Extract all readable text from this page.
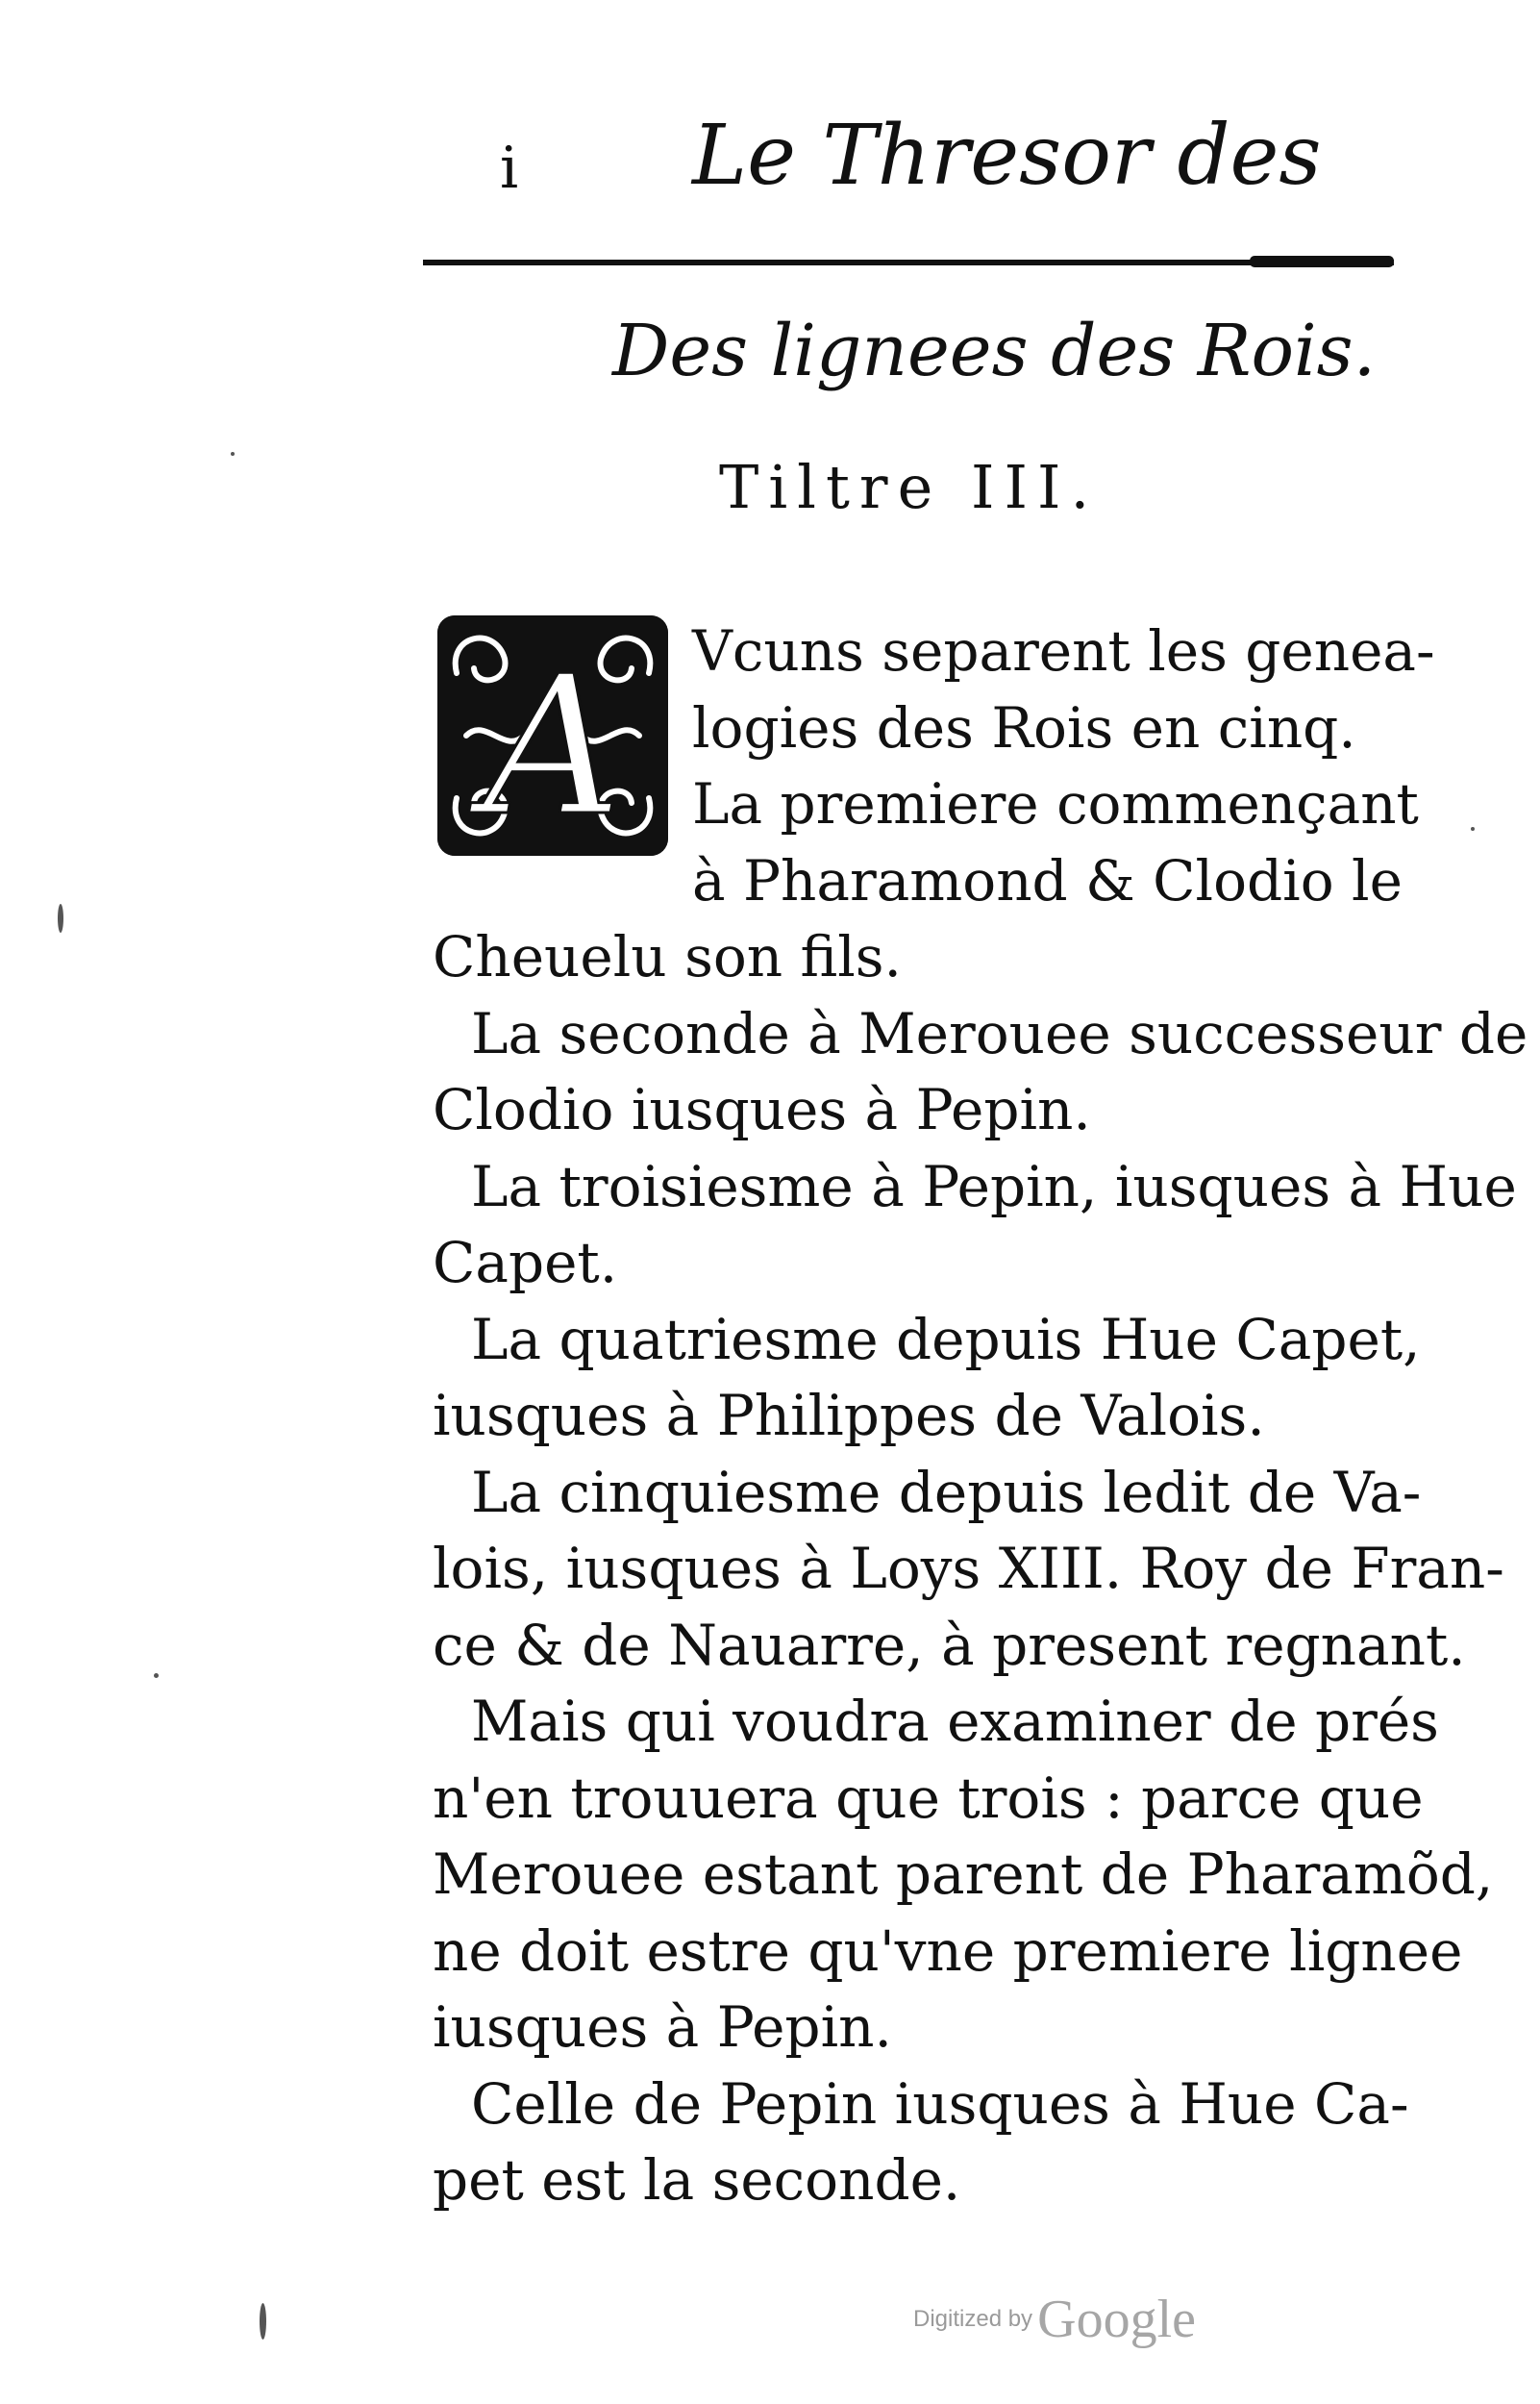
i Le Thresor des
Des lignees des Rois.
Tiltre III.
A Vcuns separent les genea-
logies des Rois en cinq.
La premiere commençant
à Pharamond & Clodio le
Cheuelu son fils.
La seconde à Merouee successeur de
Clodio iusques à Pepin.
La troisiesme à Pepin, iusques à Hue
Capet.
La quatriesme depuis Hue Capet,
iusques à Philippes de Valois.
La cinquiesme depuis ledit de Va-
lois, iusques à Loys XIII. Roy de Fran-
ce & de Nauarre, à present regnant.
Mais qui voudra examiner de prés
n'en trouuera que trois : parce que
Merouee estant parent de Pharamõd,
ne doit estre qu'vne premiere lignee
iusques à Pepin.
Celle de Pepin iusques à Hue Ca-
pet est la seconde.
Digitized by Google
